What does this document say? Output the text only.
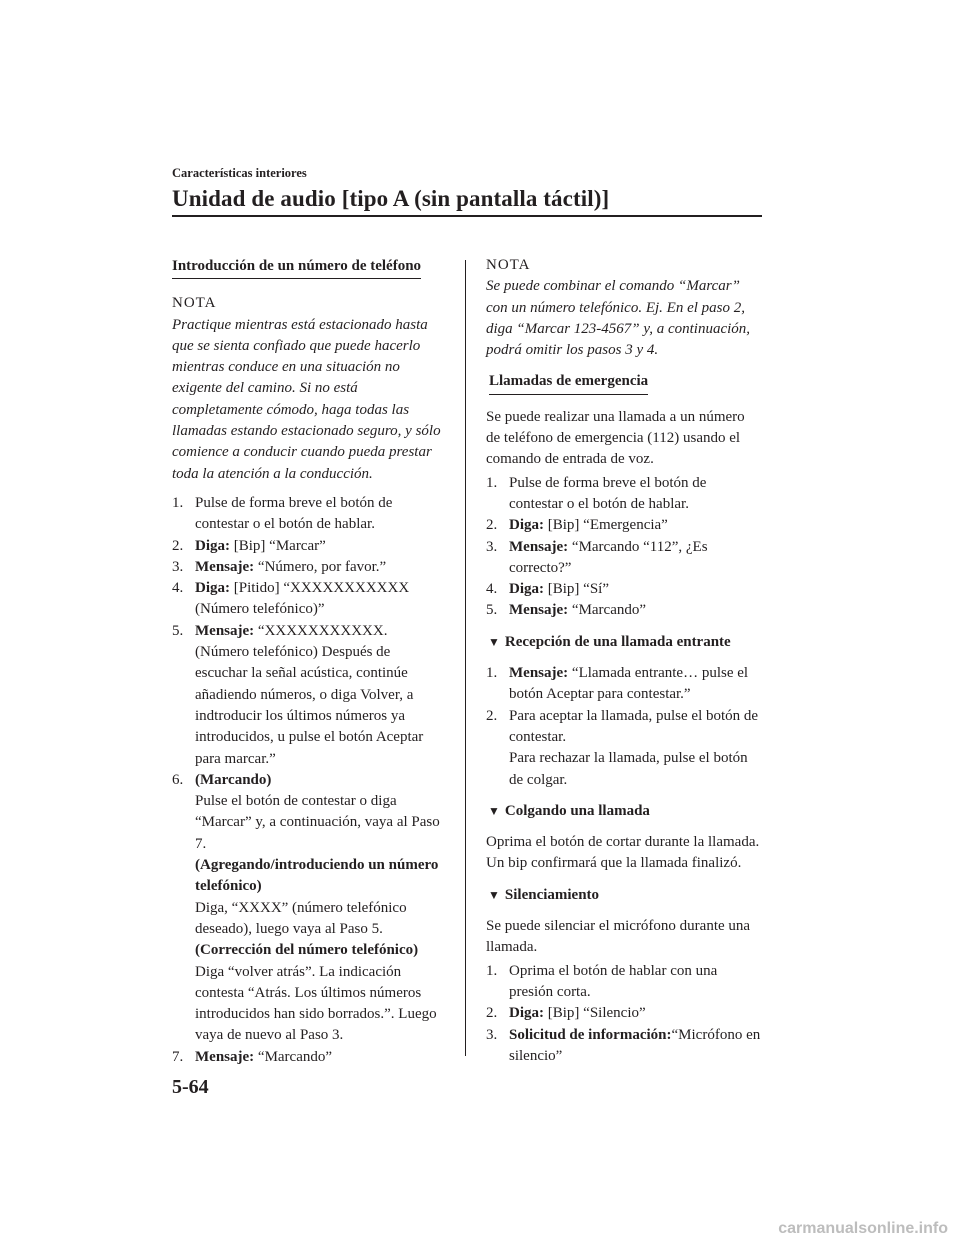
Características interiores
Unidad de audio [tipo A (sin pantalla táctil)]
Introducción de un número de teléfono

NOTA

Practique mientras está estacionado hasta que se sienta confiado que puede hacerlo mientras conduce en una situación no exigente del camino. Si no está completamente cómodo, haga todas las llamadas estando estacionado seguro, y sólo comience a conducir cuando pueda prestar toda la atención a la conducción.

1. Pulse de forma breve el botón de contestar o el botón de hablar.
2. Diga: [Bip] “Marcar”
3. Mensaje: “Número, por favor.”
4. Diga: [Pitido] “XXXXXXXXXXX (Número telefónico)”
5. Mensaje: “XXXXXXXXXXX. (Número telefónico) Después de escuchar la señal acústica, continúe añadiendo números, o diga Volver, a indtroducir los últimos números ya introducidos, u pulse el botón Aceptar para marcar.”
6. (Marcando)
Pulse el botón de contestar o diga “Marcar” y, a continuación, vaya al Paso 7.
(Agregando/introduciendo un número telefónico)
Diga, “XXXX” (número telefónico deseado), luego vaya al Paso 5.
(Corrección del número telefónico)
Diga “volver atrás”. La indicación contesta “Atrás. Los últimos números introducidos han sido borrados.”. Luego vaya de nuevo al Paso 3.
7. Mensaje: “Marcando”

NOTA

Se puede combinar el comando “Marcar” con un número telefónico. Ej. En el paso 2, diga “Marcar 123-4567” y, a continuación, podrá omitir los pasos 3 y 4.

Llamadas de emergencia

Se puede realizar una llamada a un número de teléfono de emergencia (112) usando el comando de entrada de voz.

1. Pulse de forma breve el botón de contestar o el botón de hablar.
2. Diga: [Bip] “Emergencia”
3. Mensaje: “Marcando “112”, ¿Es correcto?”
4. Diga: [Bip] “Sí”
5. Mensaje: “Marcando”
▼ Recepción de una llamada entrante
1. Mensaje: “Llamada entrante… pulse el botón Aceptar para contestar.”
2. Para aceptar la llamada, pulse el botón de contestar.
Para rechazar la llamada, pulse el botón de colgar.
▼ Colgando una llamada

Oprima el botón de cortar durante la llamada. Un bip confirmará que la llamada finalizó.

▼ Silenciamiento

Se puede silenciar el micrófono durante una llamada.

1. Oprima el botón de hablar con una presión corta.
2. Diga: [Bip] “Silencio”
3. Solicitud de información:“Micrófono en silencio”
5-64
carmanualsonline.info
